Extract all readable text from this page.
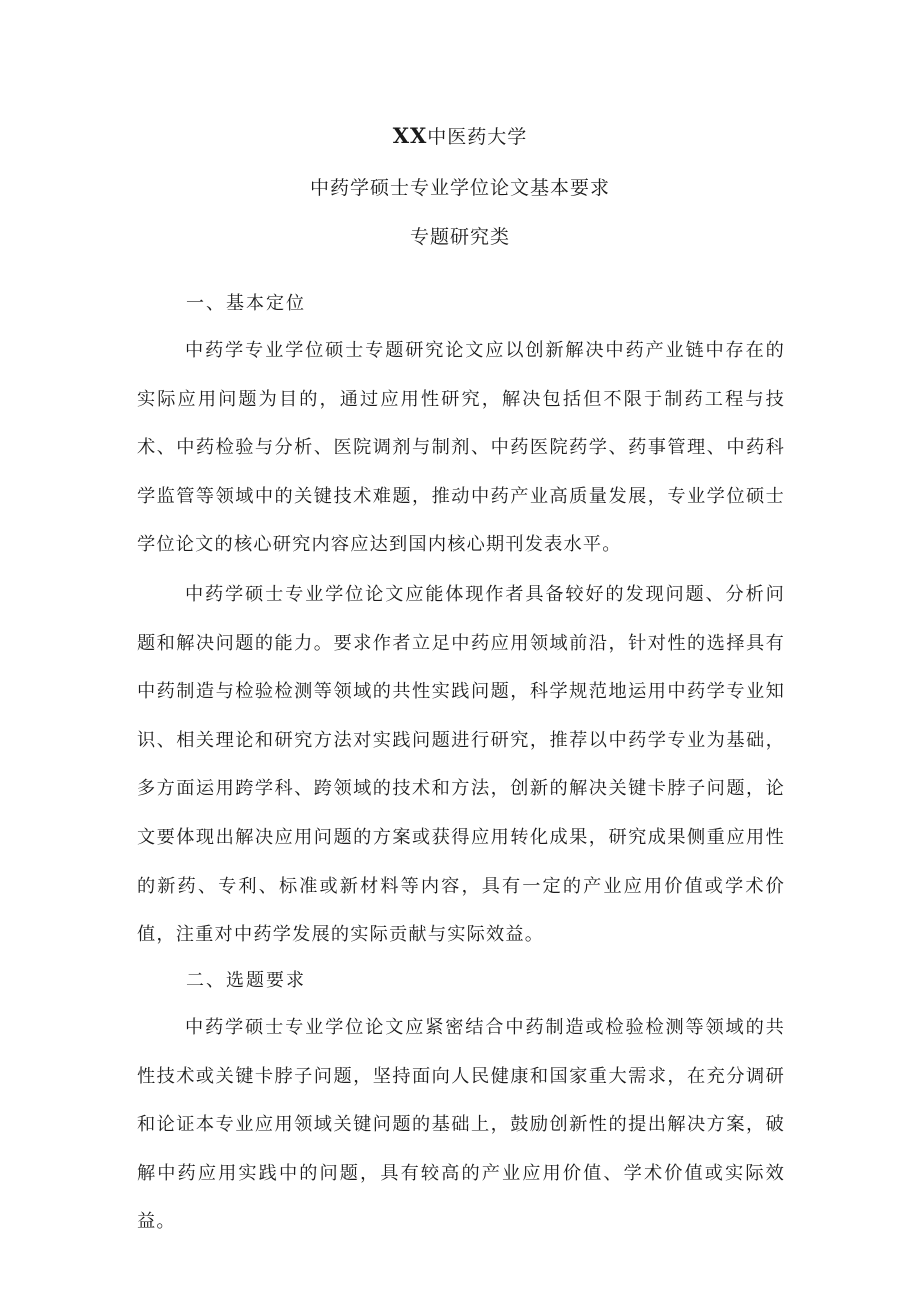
XX中医药大学
中药学硕士专业学位论文基本要求
专题研究类
一、基本定位

中药学专业学位硕士专题研究论文应以创新解决中药产业链中存在的实际应用问题为目的，通过应用性研究，解决包括但不限于制药工程与技术、中药检验与分析、医院调剂与制剂、中药医院药学、药事管理、中药科学监管等领域中的关键技术难题，推动中药产业高质量发展，专业学位硕士学位论文的核心研究内容应达到国内核心期刊发表水平。

中药学硕士专业学位论文应能体现作者具备较好的发现问题、分析问题和解决问题的能力。要求作者立足中药应用领域前沿，针对性的选择具有中药制造与检验检测等领域的共性实践问题，科学规范地运用中药学专业知识、相关理论和研究方法对实践问题进行研究，推荐以中药学专业为基础，多方面运用跨学科、跨领域的技术和方法，创新的解决关键卡脖子问题，论文要体现出解决应用问题的方案或获得应用转化成果，研究成果侧重应用性的新药、专利、标准或新材料等内容，具有一定的产业应用价值或学术价值，注重对中药学发展的实际贡献与实际效益。

二、选题要求

中药学硕士专业学位论文应紧密结合中药制造或检验检测等领域的共性技术或关键卡脖子问题，坚持面向人民健康和国家重大需求，在充分调研和论证本专业应用领域关键问题的基础上，鼓励创新性的提出解决方案，破解中药应用实践中的问题，具有较高的产业应用价值、学术价值或实际效益。
